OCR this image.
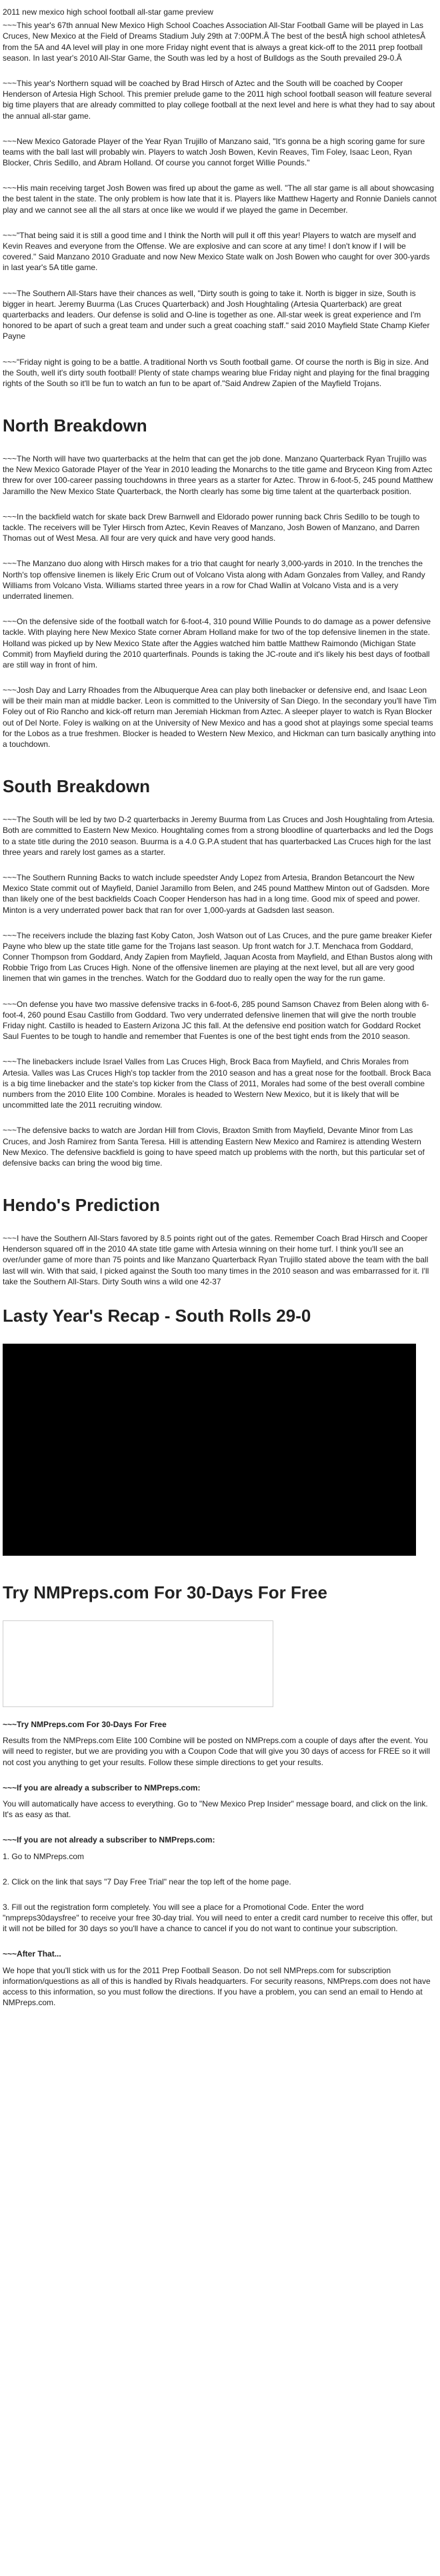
2011 new mexico high school football all-star game preview

~~~This year's 67th annual New Mexico High School Coaches Association All-Star Football Game will be played in Las Cruces, New Mexico at the Field of Dreams Stadium July 29th at 7:00PM.Â The best of the bestÂ high school athletesÂ from the 5A and 4A level will play in one more Friday night event that is always a great kick-off to the 2011 prep football season. In last year's 2010 All-Star Game, the South was led by a host of Bulldogs as the South prevailed 29-0.Â

~~~This year's Northern squad will be coached by Brad Hirsch of Aztec and the South will be coached by Cooper Henderson of Artesia High School. This premier prelude game to the 2011 high school football season will feature several big time players that are already committed to play college football at the next level and here is what they had to say about the annual all-star game.

~~~New Mexico Gatorade Player of the Year Ryan Trujillo of Manzano said, "It's gonna be a high scoring game for sure teams with the ball last will probably win. Players to watch Josh Bowen, Kevin Reaves, Tim Foley, Isaac Leon, Ryan Blocker, Chris Sedillo, and Abram Holland. Of course you cannot forget Willie Pounds."

~~~His main receiving target Josh Bowen was fired up about the game as well. "The all star game is all about showcasing the best talent in the state. The only problem is how late that it is. Players like Matthew Hagerty and Ronnie Daniels cannot play and we cannot see all the all stars at once like we would if we played the game in December.

~~~"That being said it is still a good time and I think the North will pull it off this year! Players to watch are myself and Kevin Reaves and everyone from the Offense. We are explosive and can score at any time! I don't know if I will be covered." Said Manzano 2010 Graduate and now New Mexico State walk on Josh Bowen who caught for over 300-yards in last year's 5A title game.

~~~The Southern All-Stars have their chances as well, "Dirty south is going to take it. North is bigger in size, South is bigger in heart. Jeremy Buurma (Las Cruces Quarterback) and Josh Houghtaling (Artesia Quarterback) are great quarterbacks and leaders. Our defense is solid and O-line is together as one. All-star week is great experience and I'm honored to be apart of such a great team and under such a great coaching staff." said 2010 Mayfield State Champ Kiefer Payne

~~~"Friday night is going to be a battle. A traditional North vs South football game. Of course the north is Big in size. And the South, well it's dirty south football! Plenty of state champs wearing blue Friday night and playing for the final bragging rights of the South so it'll be fun to watch an fun to be apart of."Said Andrew Zapien of the Mayfield Trojans.

North Breakdown

~~~The North will have two quarterbacks at the helm that can get the job done. Manzano Quarterback Ryan Trujillo was the New Mexico Gatorade Player of the Year in 2010 leading the Monarchs to the title game and Bryceon King from Aztec threw for over 100-career passing touchdowns in three years as a starter for Aztec. Throw in 6-foot-5, 245 pound Matthew Jaramillo the New Mexico State Quarterback, the North clearly has some big time talent at the quarterback position.

~~~In the backfield watch for skate back Drew Barnwell and Eldorado power running back Chris Sedillo to be tough to tackle. The receivers will be Tyler Hirsch from Aztec, Kevin Reaves of Manzano, Josh Bowen of Manzano, and Darren Thomas out of West Mesa. All four are very quick and have very good hands.

~~~The Manzano duo along with Hirsch makes for a trio that caught for nearly 3,000-yards in 2010. In the trenches the North's top offensive linemen is likely Eric Crum out of Volcano Vista along with Adam Gonzales from Valley, and Randy Williams from Volcano Vista. Williams started three years in a row for Chad Wallin at Volcano Vista and is a very underrated linemen.

~~~On the defensive side of the football watch for 6-foot-4, 310 pound Willie Pounds to do damage as a power defensive tackle. With playing here New Mexico State corner Abram Holland make for two of the top defensive linemen in the state. Holland was picked up by New Mexico State after the Aggies watched him battle Matthew Raimondo (Michigan State Commit) from Mayfield during the 2010 quarterfinals. Pounds is taking the JC-route and it's likely his best days of football are still way in front of him.

~~~Josh Day and Larry Rhoades from the Albuquerque Area can play both linebacker or defensive end, and Isaac Leon will be their main man at middle backer. Leon is committed to the University of San Diego. In the secondary you'll have Tim Foley out of Rio Rancho and kick-off return man Jeremiah Hickman from Aztec. A sleeper player to watch is Ryan Blocker out of Del Norte. Foley is walking on at the University of New Mexico and has a good shot at playings some special teams for the Lobos as a true freshmen. Blocker is headed to Western New Mexico, and Hickman can turn basically anything into a touchdown.

South Breakdown

~~~The South will be led by two D-2 quarterbacks in Jeremy Buurma from Las Cruces and Josh Houghtaling from Artesia. Both are committed to Eastern New Mexico. Houghtaling comes from a strong bloodline of quarterbacks and led the Dogs to a state title during the 2010 season. Buurma is a 4.0 G.P.A student that has quarterbacked Las Cruces high for the last three years and rarely lost games as a starter.

~~~The Southern Running Backs to watch include speedster Andy Lopez from Artesia, Brandon Betancourt the New Mexico State commit out of Mayfield, Daniel Jaramillo from Belen, and 245 pound Matthew Minton out of Gadsden. More than likely one of the best backfields Coach Cooper Henderson has had in a long time. Good mix of speed and power. Minton is a very underrated power back that ran for over 1,000-yards at Gadsden last season.

~~~The receivers include the blazing fast Koby Caton, Josh Watson out of Las Cruces, and the pure game breaker Kiefer Payne who blew up the state title game for the Trojans last season. Up front watch for J.T. Menchaca from Goddard, Conner Thompson from Goddard, Andy Zapien from Mayfield, Jaquan Acosta from Mayfield, and Ethan Bustos along with Robbie Trigo from Las Cruces High. None of the offensive linemen are playing at the next level, but all are very good linemen that win games in the trenches. Watch for the Goddard duo to really open the way for the run game.

~~~On defense you have two massive defensive tracks in 6-foot-6, 285 pound Samson Chavez from Belen along with 6-foot-4, 260 pound Esau Castillo from Goddard. Two very underrated defensive linemen that will give the north trouble Friday night. Castillo is headed to Eastern Arizona JC this fall. At the defensive end position watch for Goddard Rocket Saul Fuentes to be tough to handle and remember that Fuentes is one of the best tight ends from the 2010 season.

~~~The linebackers include Israel Valles from Las Cruces High, Brock Baca from Mayfield, and Chris Morales from Artesia. Valles was Las Cruces High's top tackler from the 2010 season and has a great nose for the football. Brock Baca is a big time linebacker and the state's top kicker from the Class of 2011, Morales had some of the best overall combine numbers from the 2010 Elite 100 Combine. Morales is headed to Western New Mexico, but it is likely that will be uncommitted late the 2011 recruiting window.

~~~The defensive backs to watch are Jordan Hill from Clovis, Braxton Smith from Mayfield, Devante Minor from Las Cruces, and Josh Ramirez from Santa Teresa. Hill is attending Eastern New Mexico and Ramirez is attending Western New Mexico. The defensive backfield is going to have speed match up problems with the north, but this particular set of defensive backs can bring the wood big time.

Hendo's Prediction

~~~I have the Southern All-Stars favored by 8.5 points right out of the gates. Remember Coach Brad Hirsch and Cooper Henderson squared off in the 2010 4A state title game with Artesia winning on their home turf. I think you'll see an over/under game of more than 75 points and like Manzano Quarterback Ryan Trujillo stated above the team with the ball last will win. With that said, I picked against the South too many times in the 2010 season and was embarrassed for it. I'll take the Southern All-Stars. Dirty South wins a wild one 42-37

Lasty Year's Recap - South Rolls 29-0
Try NMPreps.com For 30-Days For Free

~~~Try NMPreps.com For 30-Days For Free

Results from the NMPreps.com Elite 100 Combine will be posted on NMPreps.com a couple of days after the event. You will need to register, but we are providing you with a Coupon Code that will give you 30 days of access for FREE so it will not cost you anything to get your results. Follow these simple directions to get your results.

~~~If you are already a subscriber to NMPreps.com:

You will automatically have access to everything. Go to "New Mexico Prep Insider" message board, and click on the link. It's as easy as that.

~~~If you are not already a subscriber to NMPreps.com:

1. Go to NMPreps.com

2. Click on the link that says "7 Day Free Trial" near the top left of the home page.

3. Fill out the registration form completely. You will see a place for a Promotional Code. Enter the word "nmpreps30daysfree" to receive your free 30-day trial. You will need to enter a credit card number to receive this offer, but it will not be billed for 30 days so you'll have a chance to cancel if you do not want to continue your subscription.

~~~After That...

We hope that you'll stick with us for the 2011 Prep Football Season. Do not sell NMPreps.com for subscription information/questions as all of this is handled by Rivals headquarters. For security reasons, NMPreps.com does not have access to this information, so you must follow the directions. If you have a problem, you can send an email to Hendo at NMPreps.com.
